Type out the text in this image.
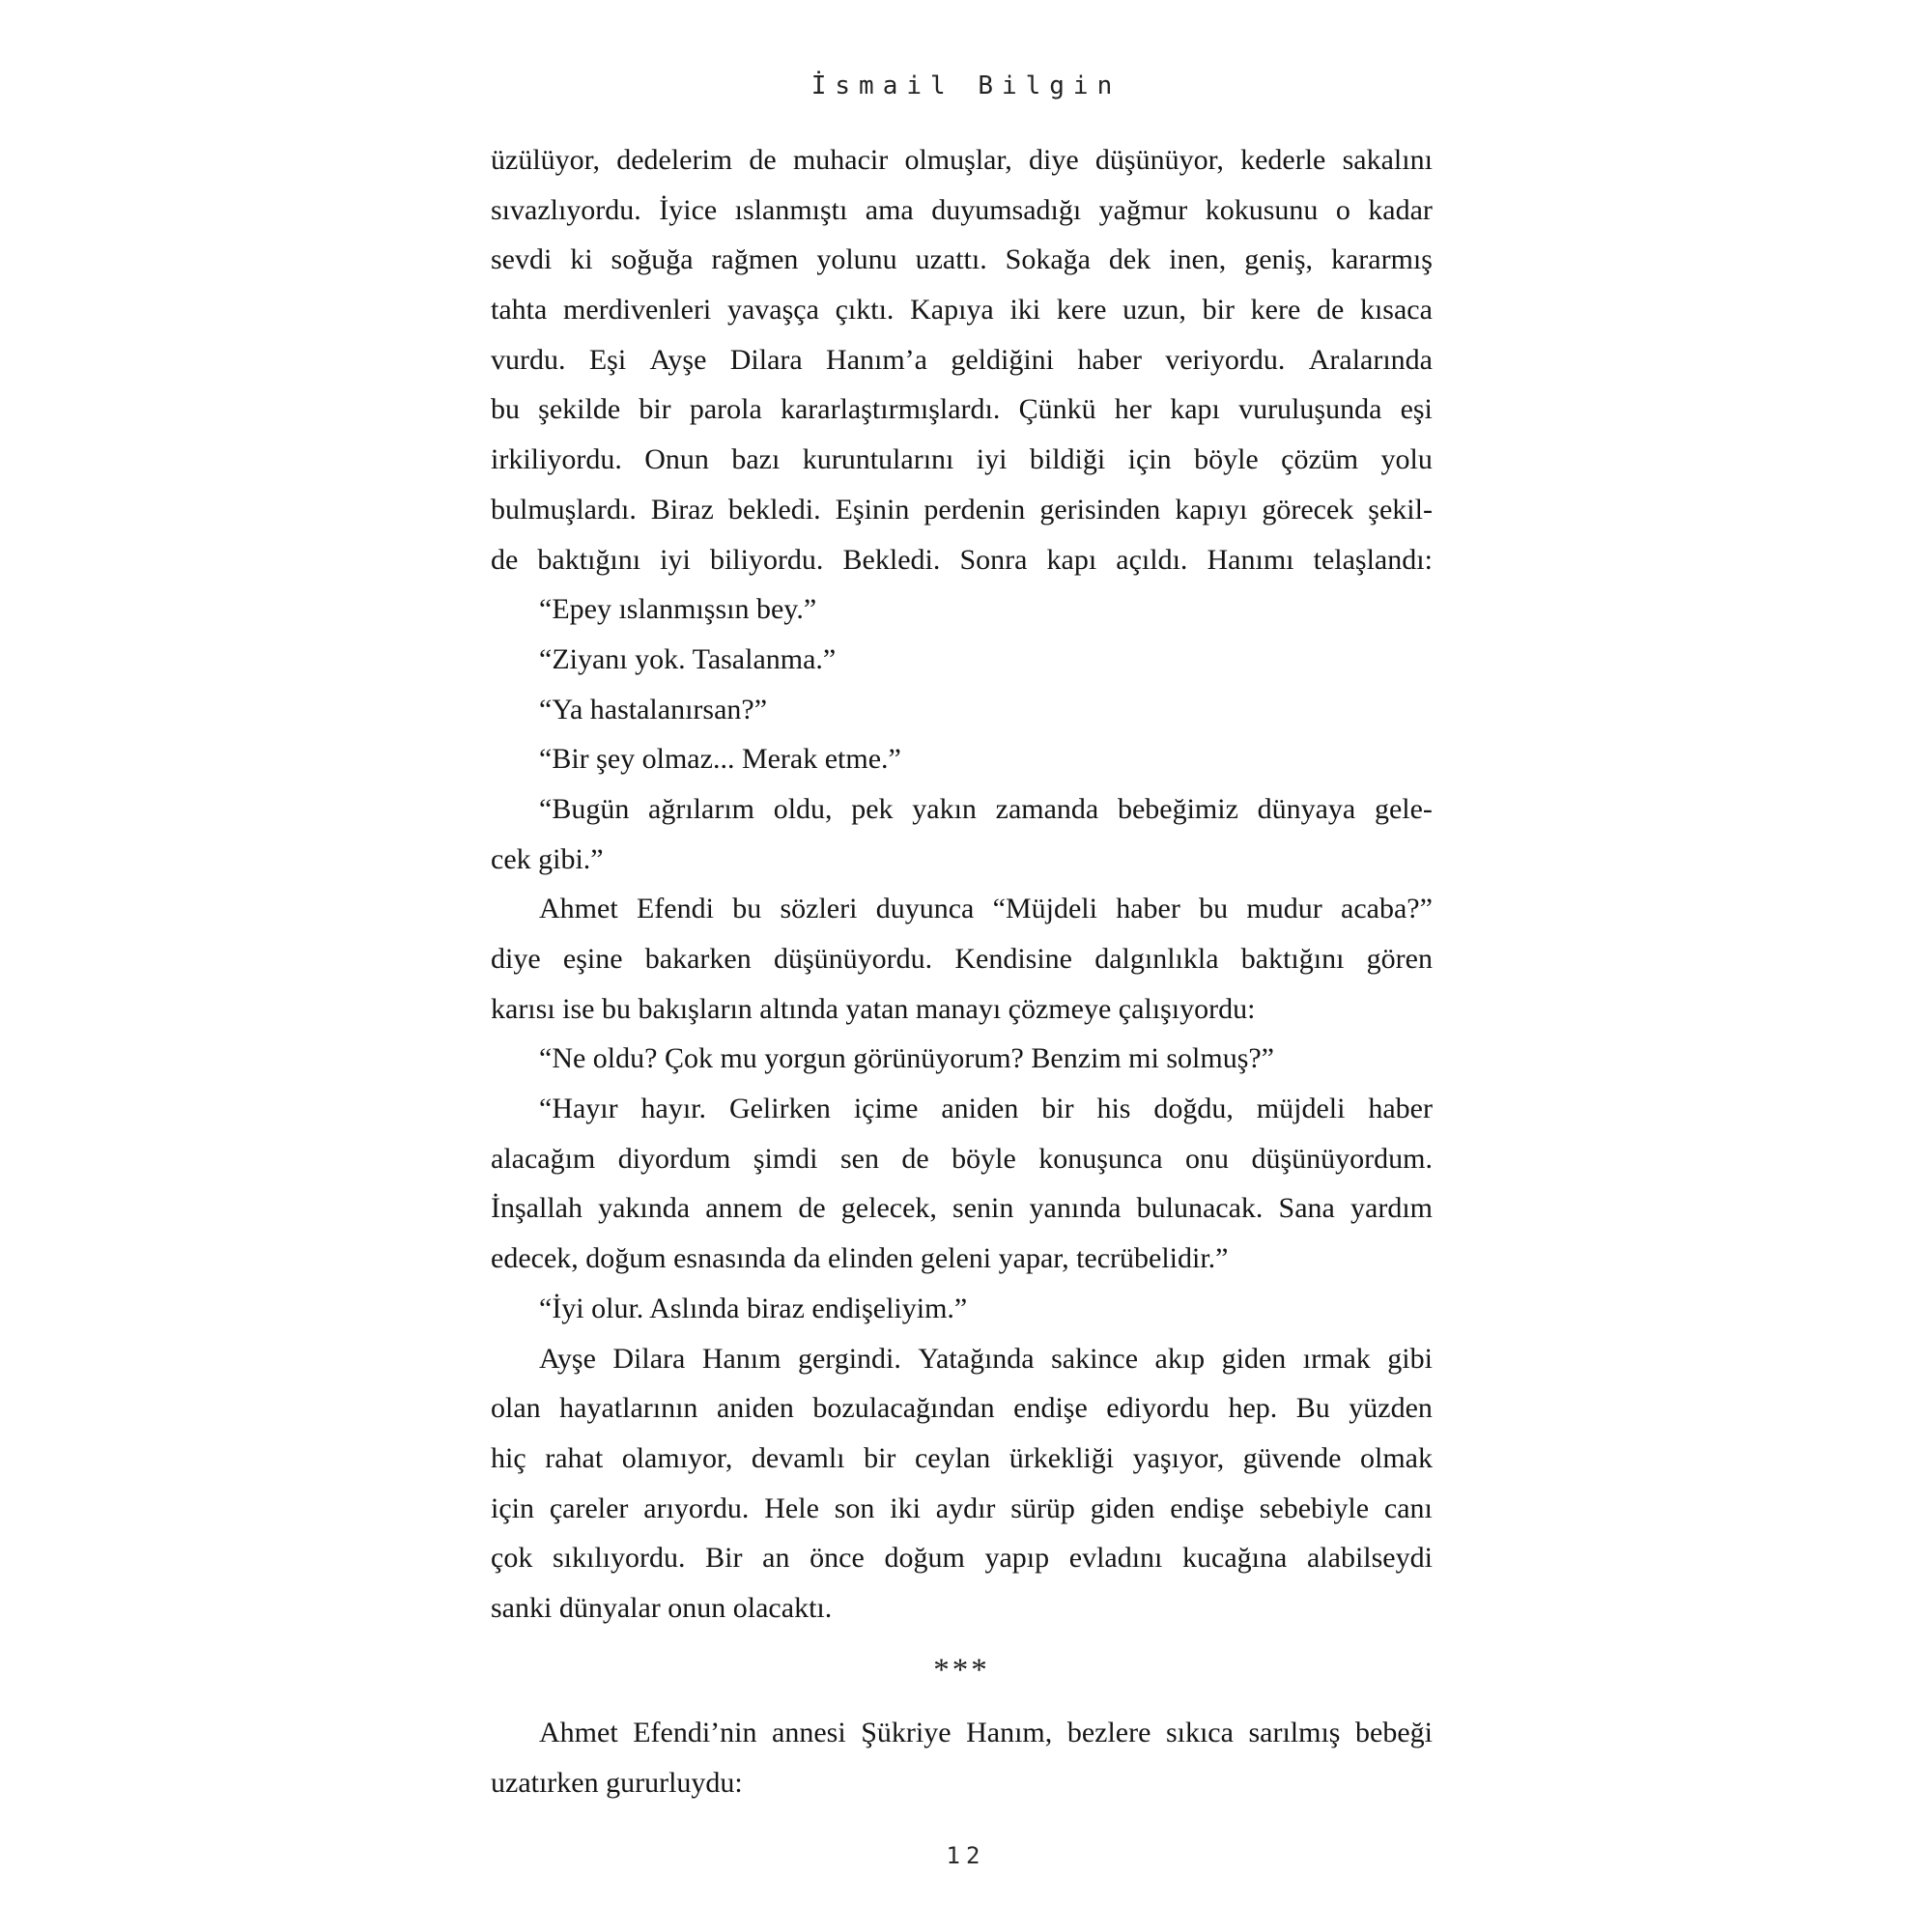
İsmail Bilgin
üzülüyor, dedelerim de muhacir olmuşlar, diye düşünüyor, kederle sakalını
sıvazlıyordu. İyice ıslanmıştı ama duyumsadığı yağmur kokusunu o kadar
sevdi ki soğuğa rağmen yolunu uzattı. Sokağa dek inen, geniş, kararmış
tahta merdivenleri yavaşça çıktı. Kapıya iki kere uzun, bir kere de kısaca
vurdu. Eşi Ayşe Dilara Hanım’a geldiğini haber veriyordu. Aralarında
bu şekilde bir parola kararlaştırmışlardı. Çünkü her kapı vuruluşunda eşi
irkiliyordu. Onun bazı kuruntularını iyi bildiği için böyle çözüm yolu
bulmuşlardı. Biraz bekledi. Eşinin perdenin gerisinden kapıyı görecek şekil-
de baktığını iyi biliyordu. Bekledi. Sonra kapı açıldı. Hanımı telaşlandı:
“Epey ıslanmışsın bey.”
“Ziyanı yok. Tasalanma.”
“Ya hastalanırsan?”
“Bir şey olmaz... Merak etme.”
“Bugün ağrılarım oldu, pek yakın zamanda bebeğimiz dünyaya gele-
cek gibi.”
Ahmet Efendi bu sözleri duyunca “Müjdeli haber bu mudur acaba?”
diye eşine bakarken düşünüyordu. Kendisine dalgınlıkla baktığını gören
karısı ise bu bakışların altında yatan manayı çözmeye çalışıyordu:
“Ne oldu? Çok mu yorgun görünüyorum? Benzim mi solmuş?”
“Hayır hayır. Gelirken içime aniden bir his doğdu, müjdeli haber
alacağım diyordum şimdi sen de böyle konuşunca onu düşünüyordum.
İnşallah yakında annem de gelecek, senin yanında bulunacak. Sana yardım
edecek, doğum esnasında da elinden geleni yapar, tecrübelidir.”
“İyi olur. Aslında biraz endişeliyim.”
Ayşe Dilara Hanım gergindi. Yatağında sakince akıp giden ırmak gibi
olan hayatlarının aniden bozulacağından endişe ediyordu hep. Bu yüzden
hiç rahat olamıyor, devamlı bir ceylan ürkekliği yaşıyor, güvende olmak
için çareler arıyordu. Hele son iki aydır sürüp giden endişe sebebiyle canı
çok sıkılıyordu. Bir an önce doğum yapıp evladını kucağına alabilseydi
sanki dünyalar onun olacaktı.
***
Ahmet Efendi’nin annesi Şükriye Hanım, bezlere sıkıca sarılmış bebeği
uzatırken gururluydu:
12
